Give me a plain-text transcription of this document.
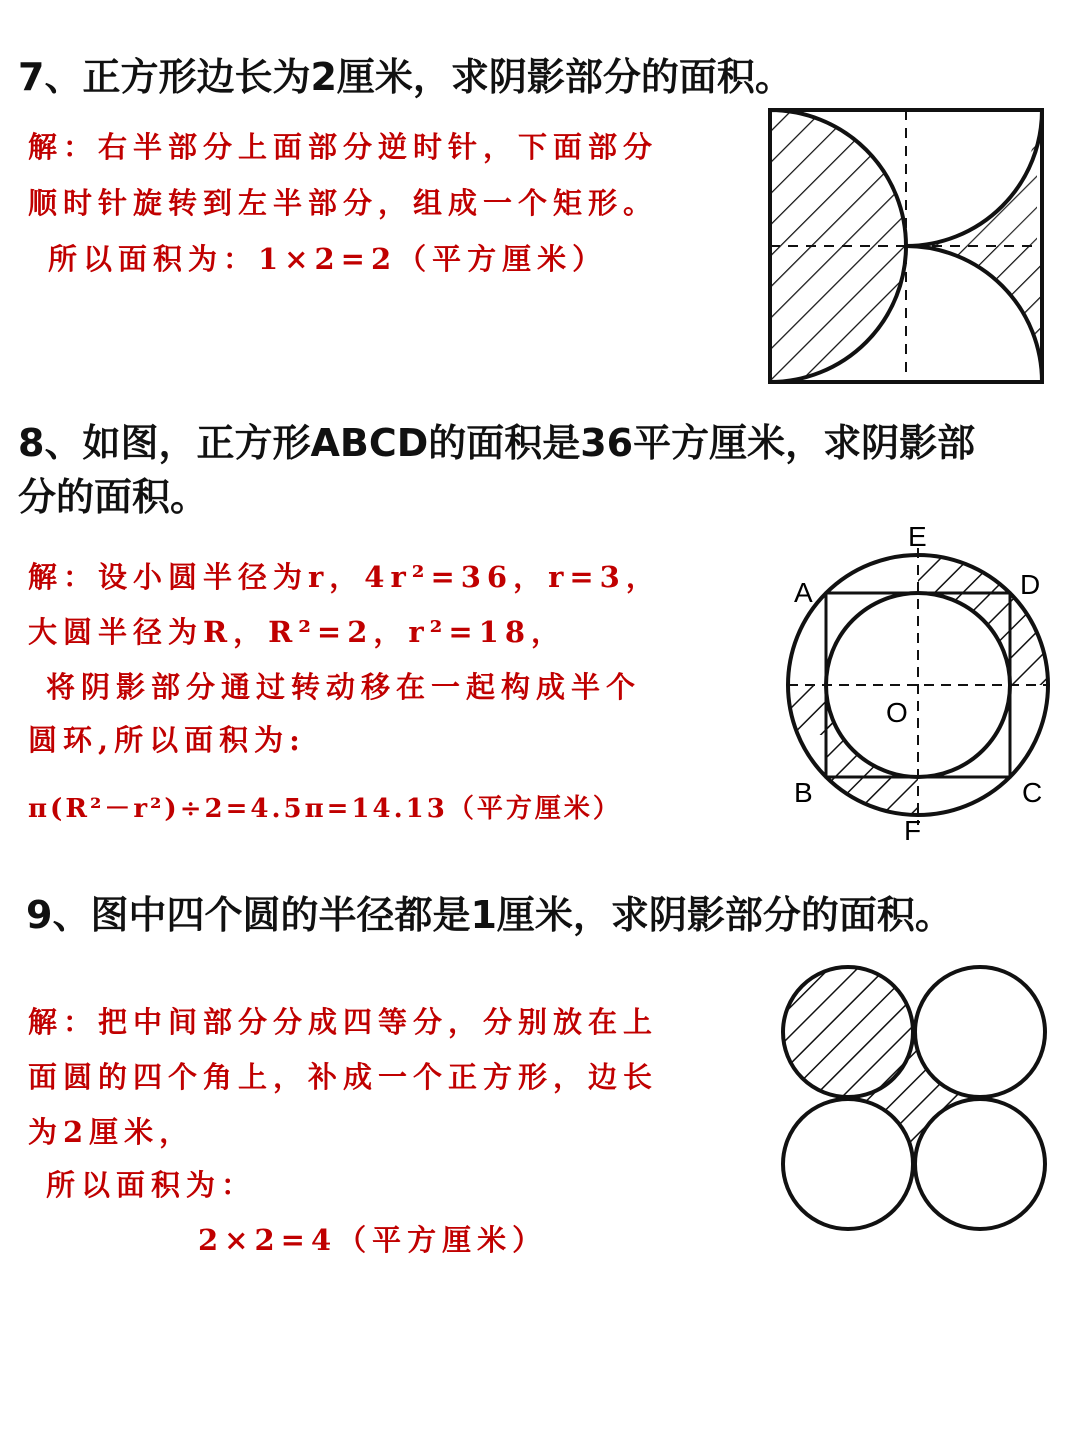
7、正方形边长为2厘米，求阴影部分的面积。
解：右半部分上面部分逆时针，下面部分
顺时针旋转到左半部分，组成一个矩形。
所以面积为：1×2=2（平方厘米）
8、如图，正方形ABCD的面积是36平方厘米，求阴影部
分的面积。
解：设小圆半径为r，4r²=36，r=3，
大圆半径为R，R²=2，r²=18，
将阴影部分通过转动移在一起构成半个
圆环,所以面积为:
π(R²－r²)÷2=4.5π=14.13（平方厘米）
E
A	D
O
B	C
F
9、图中四个圆的半径都是1厘米，求阴影部分的面积。
解：把中间部分分成四等分，分别放在上
面圆的四个角上，补成一个正方形，边长
为2厘米，
所以面积为：
2×2=4（平方厘米）
